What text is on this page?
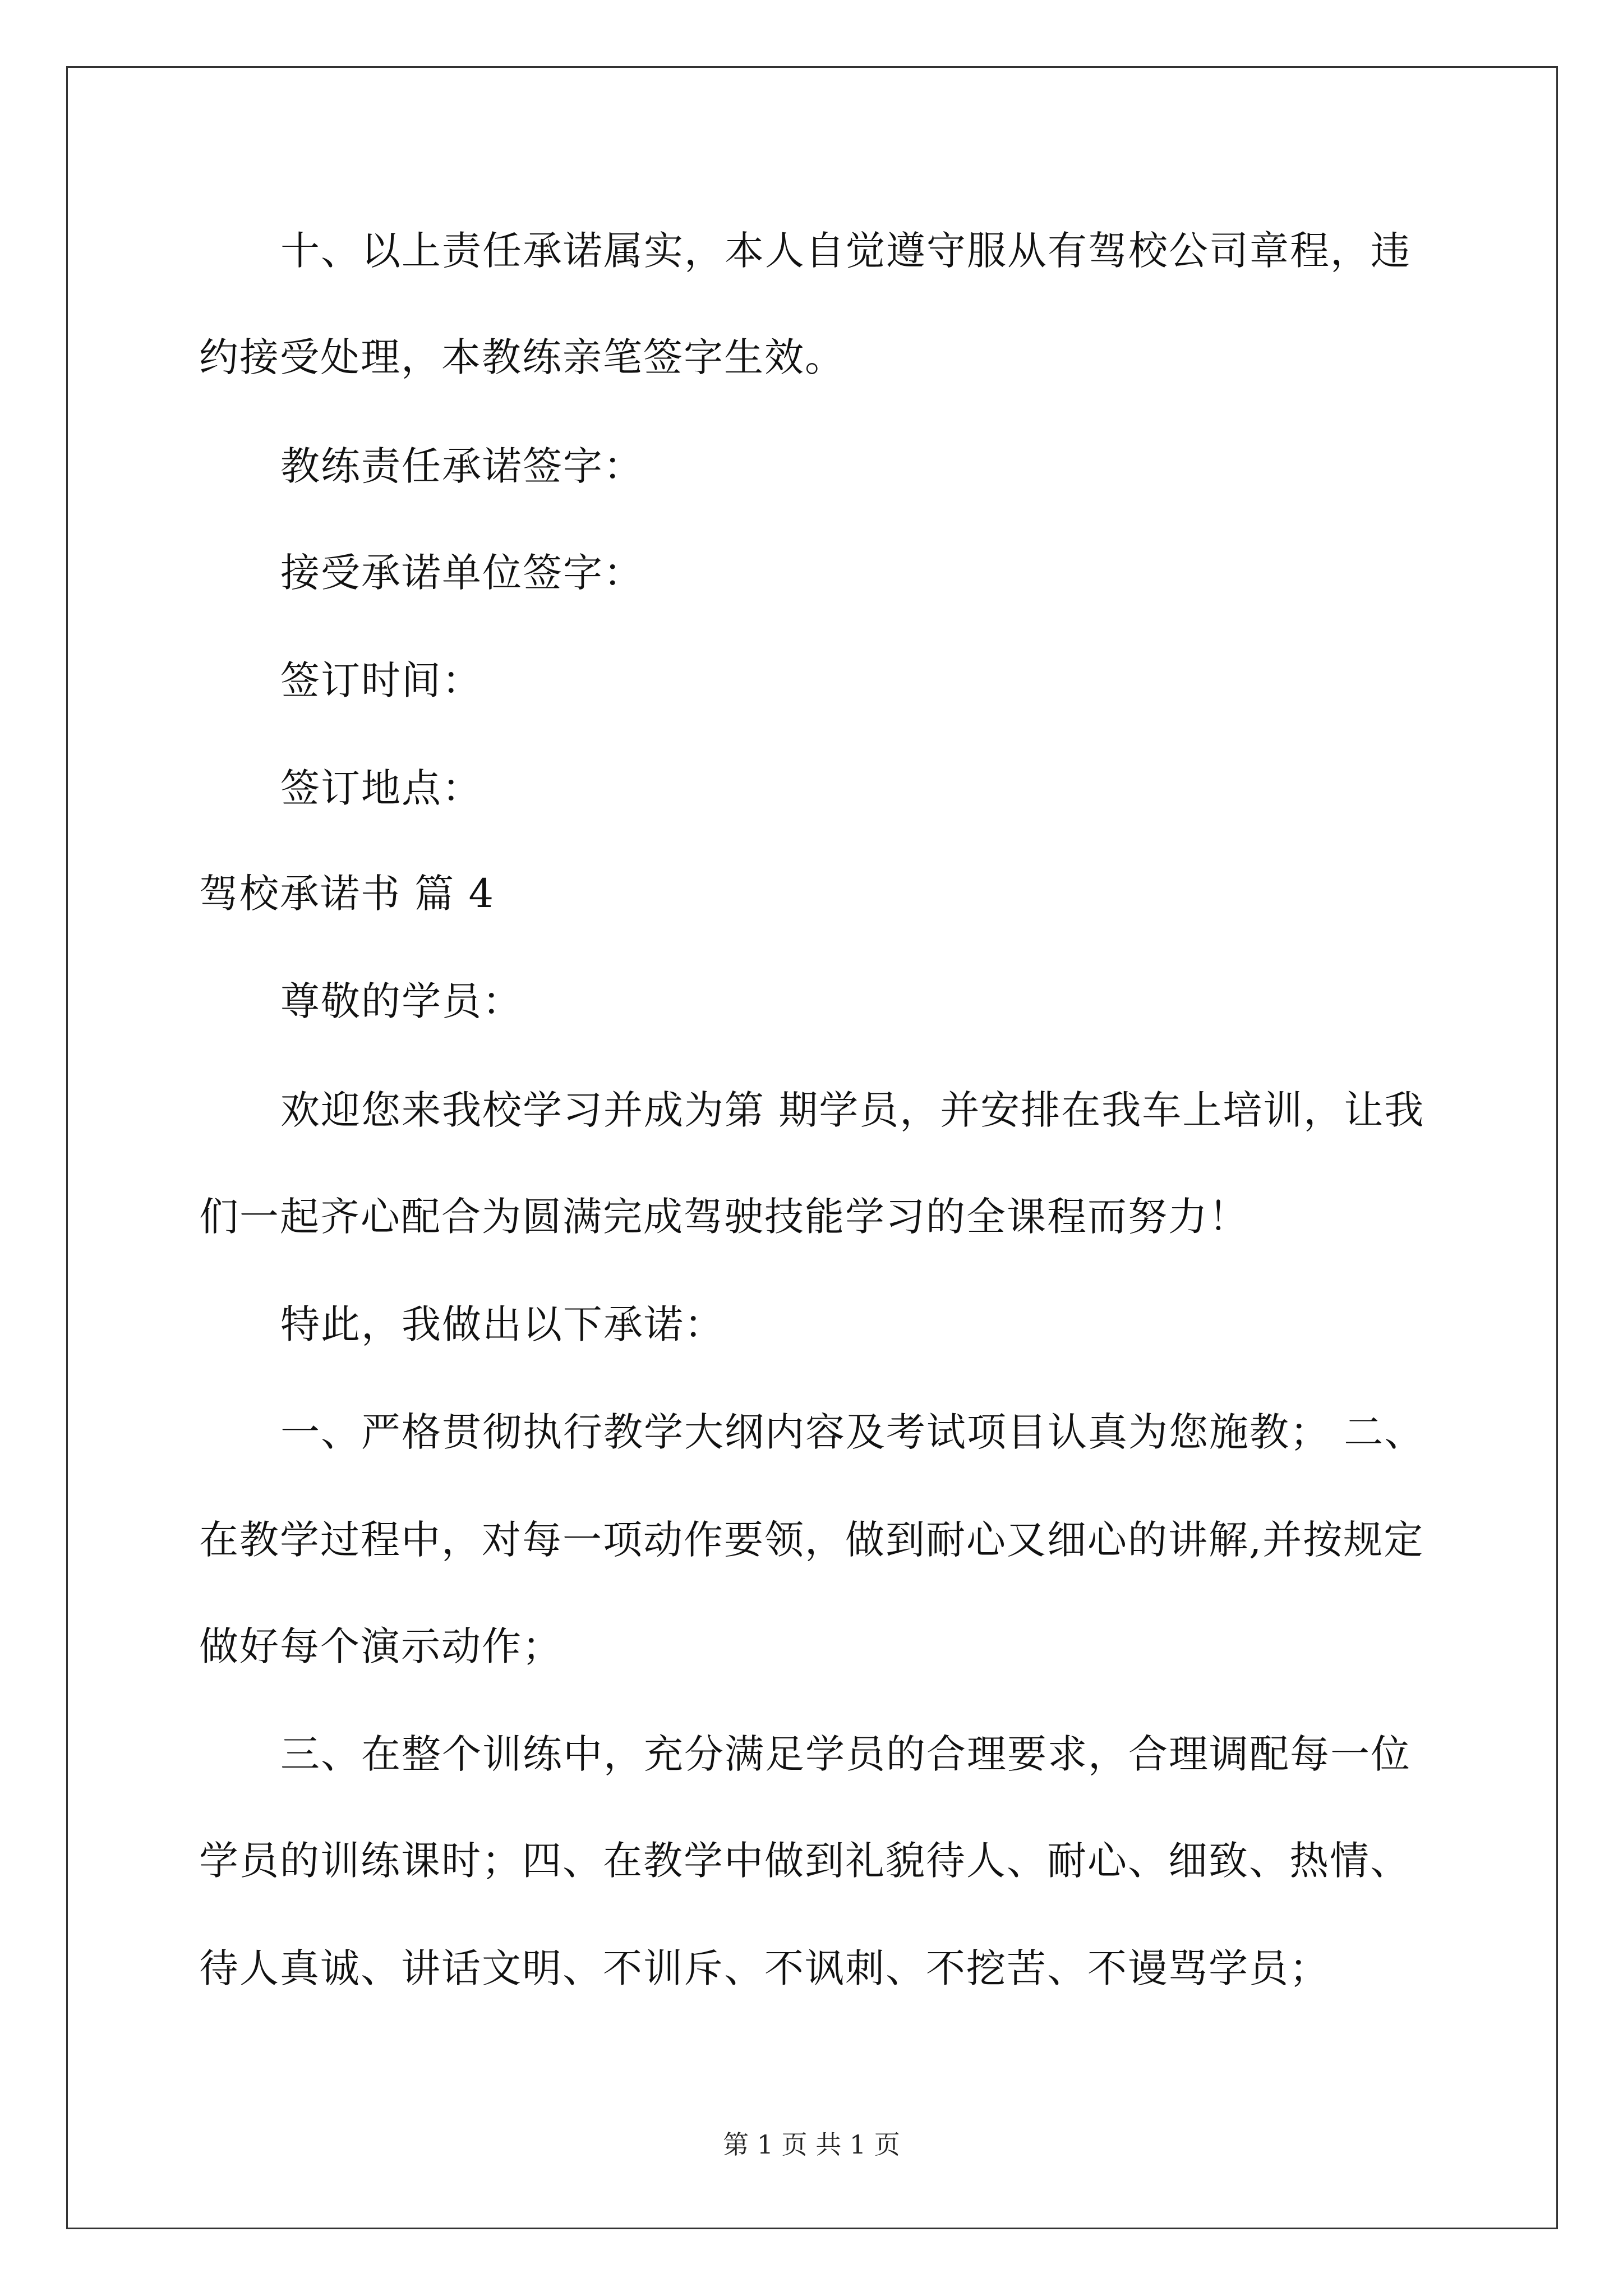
十、以上责任承诺属实，本人自觉遵守服从有驾校公司章程，违
约接受处理，本教练亲笔签字生效。
教练责任承诺签字：
接受承诺单位签字：
签订时间：
签订地点：
驾校承诺书 篇 4
尊敬的学员：
欢迎您来我校学习并成为第 期学员，并安排在我车上培训，让我
们一起齐心配合为圆满完成驾驶技能学习的全课程而努力！
特此，我做出以下承诺：
一、严格贯彻执行教学大纲内容及考试项目认真为您施教； 二、
在教学过程中，对每一项动作要领，做到耐心又细心的讲解,并按规定
做好每个演示动作；
三、在整个训练中，充分满足学员的合理要求，合理调配每一位
学员的训练课时；四、在教学中做到礼貌待人、耐心、细致、热情、
待人真诚、讲话文明、不训斥、不讽刺、不挖苦、不谩骂学员；
第 1 页 共 1 页
